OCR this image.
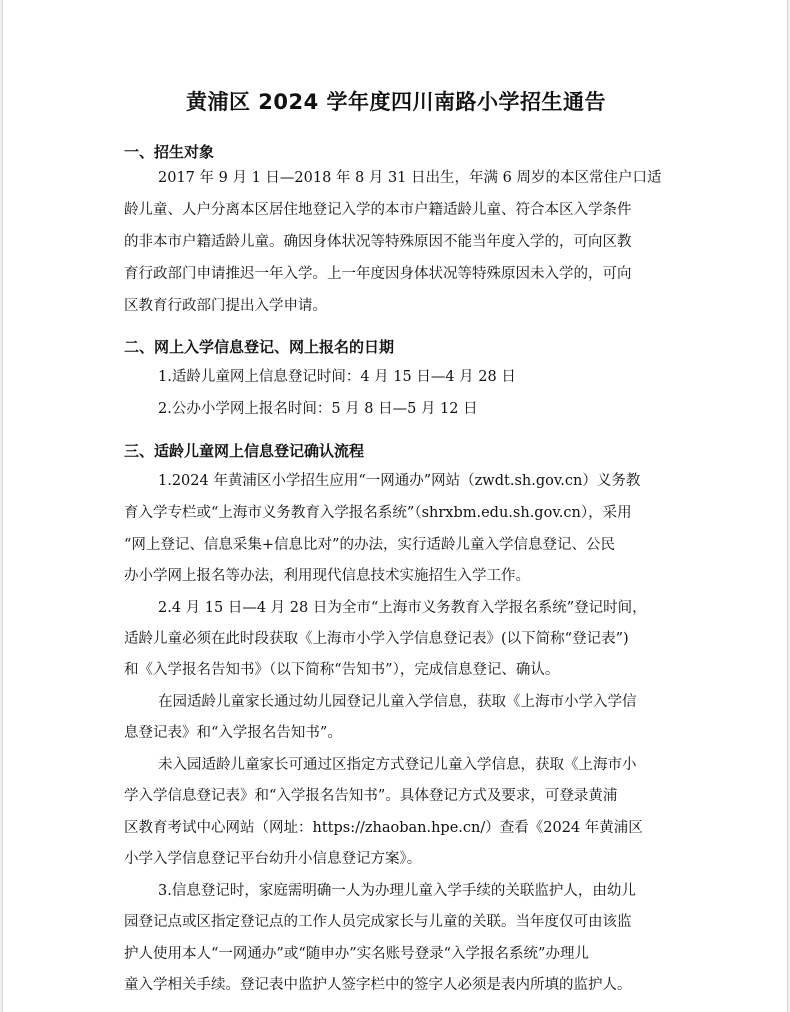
黄浦区 2024 学年度四川南路小学招生通告
一、招生对象

2017 年 9 月 1 日—2018 年 8 月 31 日出生，年满 6 周岁的本区常住户口适

龄儿童、人户分离本区居住地登记入学的本市户籍适龄儿童、符合本区入学条件

的非本市户籍适龄儿童。确因身体状况等特殊原因不能当年度入学的，可向区教

育行政部门申请推迟一年入学。上一年度因身体状况等特殊原因未入学的，可向

区教育行政部门提出入学申请。

二、网上入学信息登记、网上报名的日期

1.适龄儿童网上信息登记时间：4 月 15 日—4 月 28 日

2.公办小学网上报名时间：5 月 8 日—5 月 12 日

三、适龄儿童网上信息登记确认流程

1.2024 年黄浦区小学招生应用“一网通办”网站（zwdt.sh.gov.cn）义务教

育入学专栏或“上海市义务教育入学报名系统”（shrxbm.edu.sh.gov.cn），采用

“网上登记、信息采集+信息比对”的办法，实行适龄儿童入学信息登记、公民

办小学网上报名等办法，利用现代信息技术实施招生入学工作。

2.4 月 15 日—4 月 28 日为全市“上海市义务教育入学报名系统”登记时间，

适龄儿童必须在此时段获取《上海市小学入学信息登记表》(以下简称“登记表”)

和《入学报名告知书》（以下简称“告知书”），完成信息登记、确认。

在园适龄儿童家长通过幼儿园登记儿童入学信息，获取《上海市小学入学信

息登记表》和“入学报名告知书”。

未入园适龄儿童家长可通过区指定方式登记儿童入学信息，获取《上海市小

学入学信息登记表》和“入学报名告知书”。具体登记方式及要求，可登录黄浦

区教育考试中心网站（网址：https://zhaoban.hpe.cn/）查看《2024 年黄浦区

小学入学信息登记平台幼升小信息登记方案》。

3.信息登记时，家庭需明确一人为办理儿童入学手续的关联监护人，由幼儿

园登记点或区指定登记点的工作人员完成家长与儿童的关联。当年度仅可由该监

护人使用本人“一网通办”或“随申办”实名账号登录“入学报名系统”办理儿

童入学相关手续。登记表中监护人签字栏中的签字人必须是表内所填的监护人。
